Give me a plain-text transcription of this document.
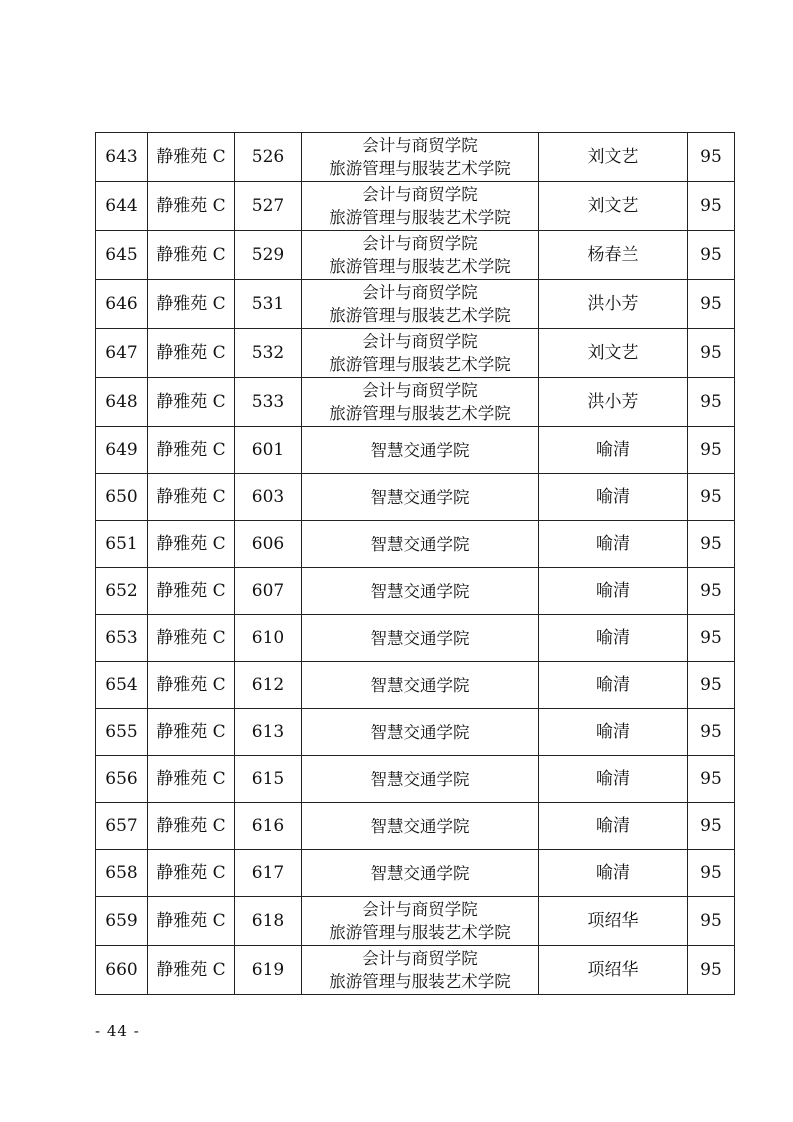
643	静雅苑 C	526	会计与商贸学院
旅游管理与服装艺术学院	刘文艺	95
644	静雅苑 C	527	会计与商贸学院
旅游管理与服装艺术学院	刘文艺	95
645	静雅苑 C	529	会计与商贸学院
旅游管理与服装艺术学院	杨春兰	95
646	静雅苑 C	531	会计与商贸学院
旅游管理与服装艺术学院	洪小芳	95
647	静雅苑 C	532	会计与商贸学院
旅游管理与服装艺术学院	刘文艺	95
648	静雅苑 C	533	会计与商贸学院
旅游管理与服装艺术学院	洪小芳	95
649	静雅苑 C	601	智慧交通学院	喻清	95
650	静雅苑 C	603	智慧交通学院	喻清	95
651	静雅苑 C	606	智慧交通学院	喻清	95
652	静雅苑 C	607	智慧交通学院	喻清	95
653	静雅苑 C	610	智慧交通学院	喻清	95
654	静雅苑 C	612	智慧交通学院	喻清	95
655	静雅苑 C	613	智慧交通学院	喻清	95
656	静雅苑 C	615	智慧交通学院	喻清	95
657	静雅苑 C	616	智慧交通学院	喻清	95
658	静雅苑 C	617	智慧交通学院	喻清	95
659	静雅苑 C	618	会计与商贸学院
旅游管理与服装艺术学院	项绍华	95
660	静雅苑 C	619	会计与商贸学院
旅游管理与服装艺术学院	项绍华	95
- 44 -
